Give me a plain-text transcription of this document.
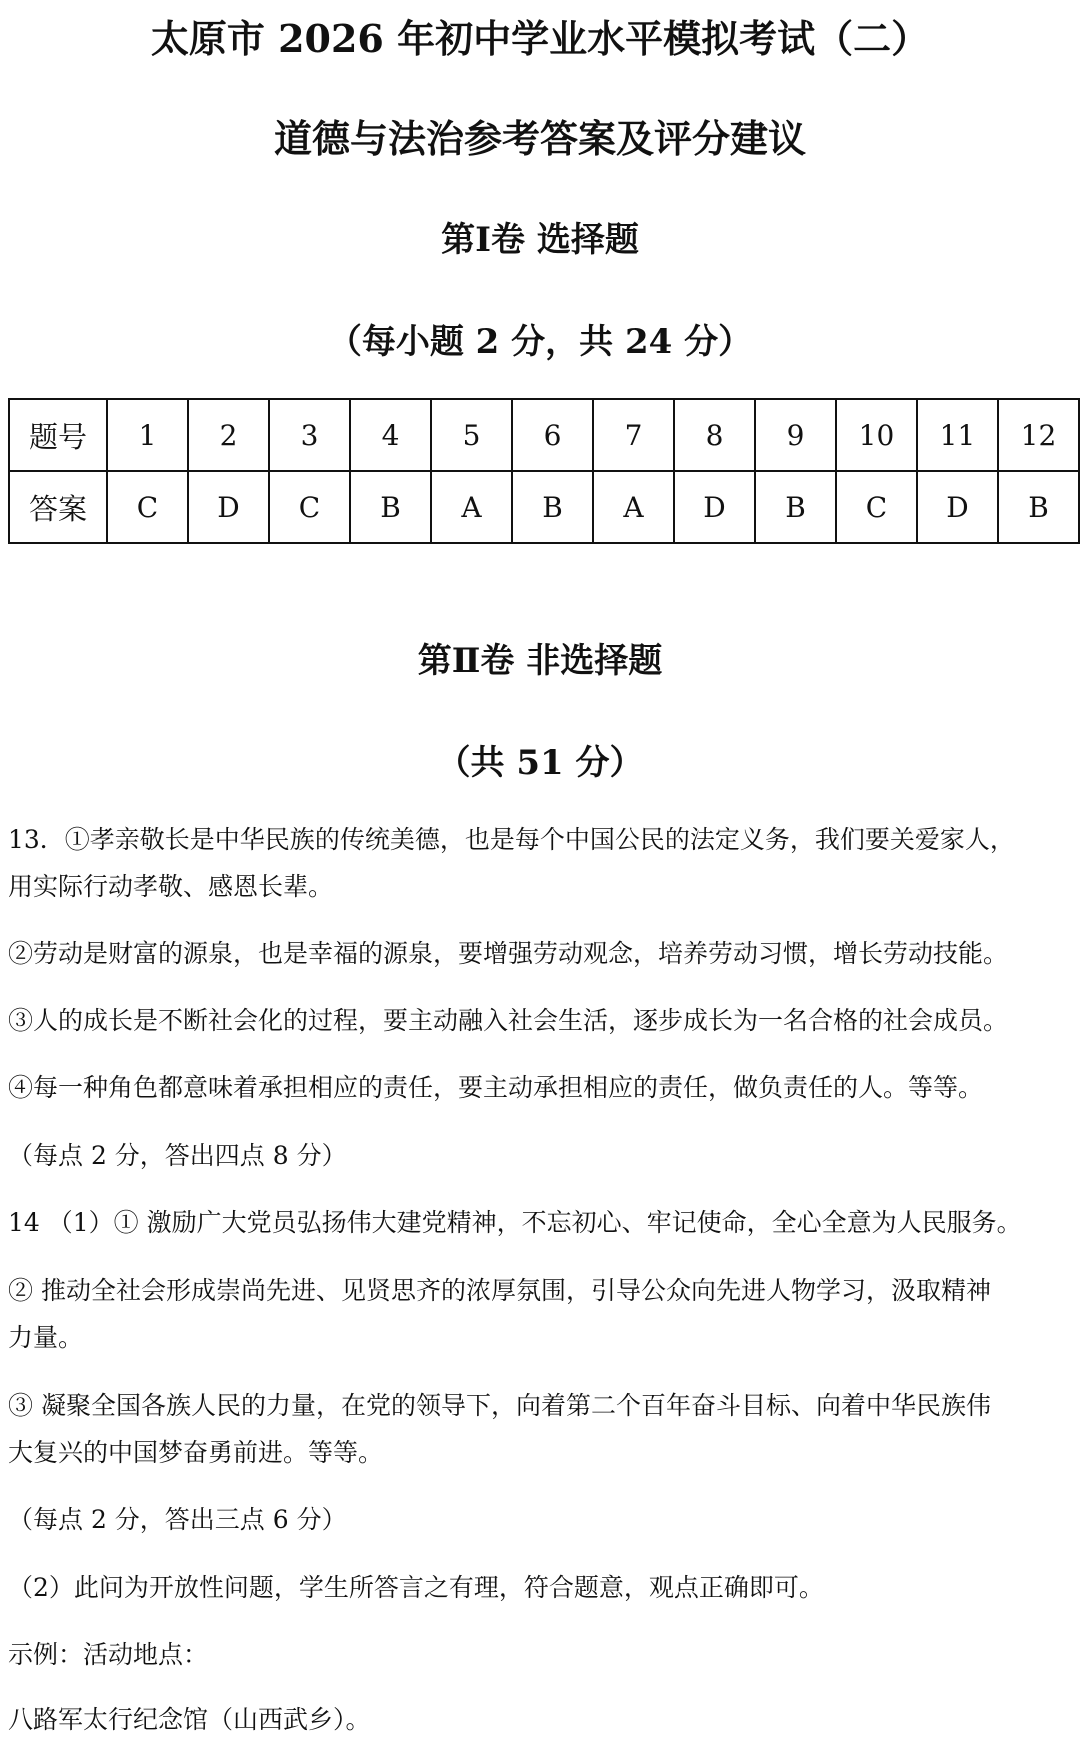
太原市 2026 年初中学业水平模拟考试（二）
道德与法治参考答案及评分建议
第Ⅰ卷 选择题
（每小题 2 分，共 24 分）
题号	1	2	3	4	5	6	7	8	9	10	11	12
答案	C	D	C	B	A	B	A	D	B	C	D	B
第Ⅱ卷 非选择题
（共 51 分）
13．①孝亲敬长是中华民族的传统美德，也是每个中国公民的法定义务，我们要关爱家人，
用实际行动孝敬、感恩长辈。
②劳动是财富的源泉，也是幸福的源泉，要增强劳动观念，培养劳动习惯，增长劳动技能。
③人的成长是不断社会化的过程，要主动融入社会生活，逐步成长为一名合格的社会成员。
④每一种角色都意味着承担相应的责任，要主动承担相应的责任，做负责任的人。等等。
（每点 2 分，答出四点 8 分）
14 （1）① 激励广大党员弘扬伟大建党精神，不忘初心、牢记使命，全心全意为人民服务。
② 推动全社会形成崇尚先进、见贤思齐的浓厚氛围，引导公众向先进人物学习，汲取精神
力量。
③ 凝聚全国各族人民的力量，在党的领导下，向着第二个百年奋斗目标、向着中华民族伟
大复兴的中国梦奋勇前进。等等。
（每点 2 分，答出三点 6 分）
（2）此问为开放性问题，学生所答言之有理，符合题意，观点正确即可。
示例：活动地点：
八路军太行纪念馆（山西武乡）。
